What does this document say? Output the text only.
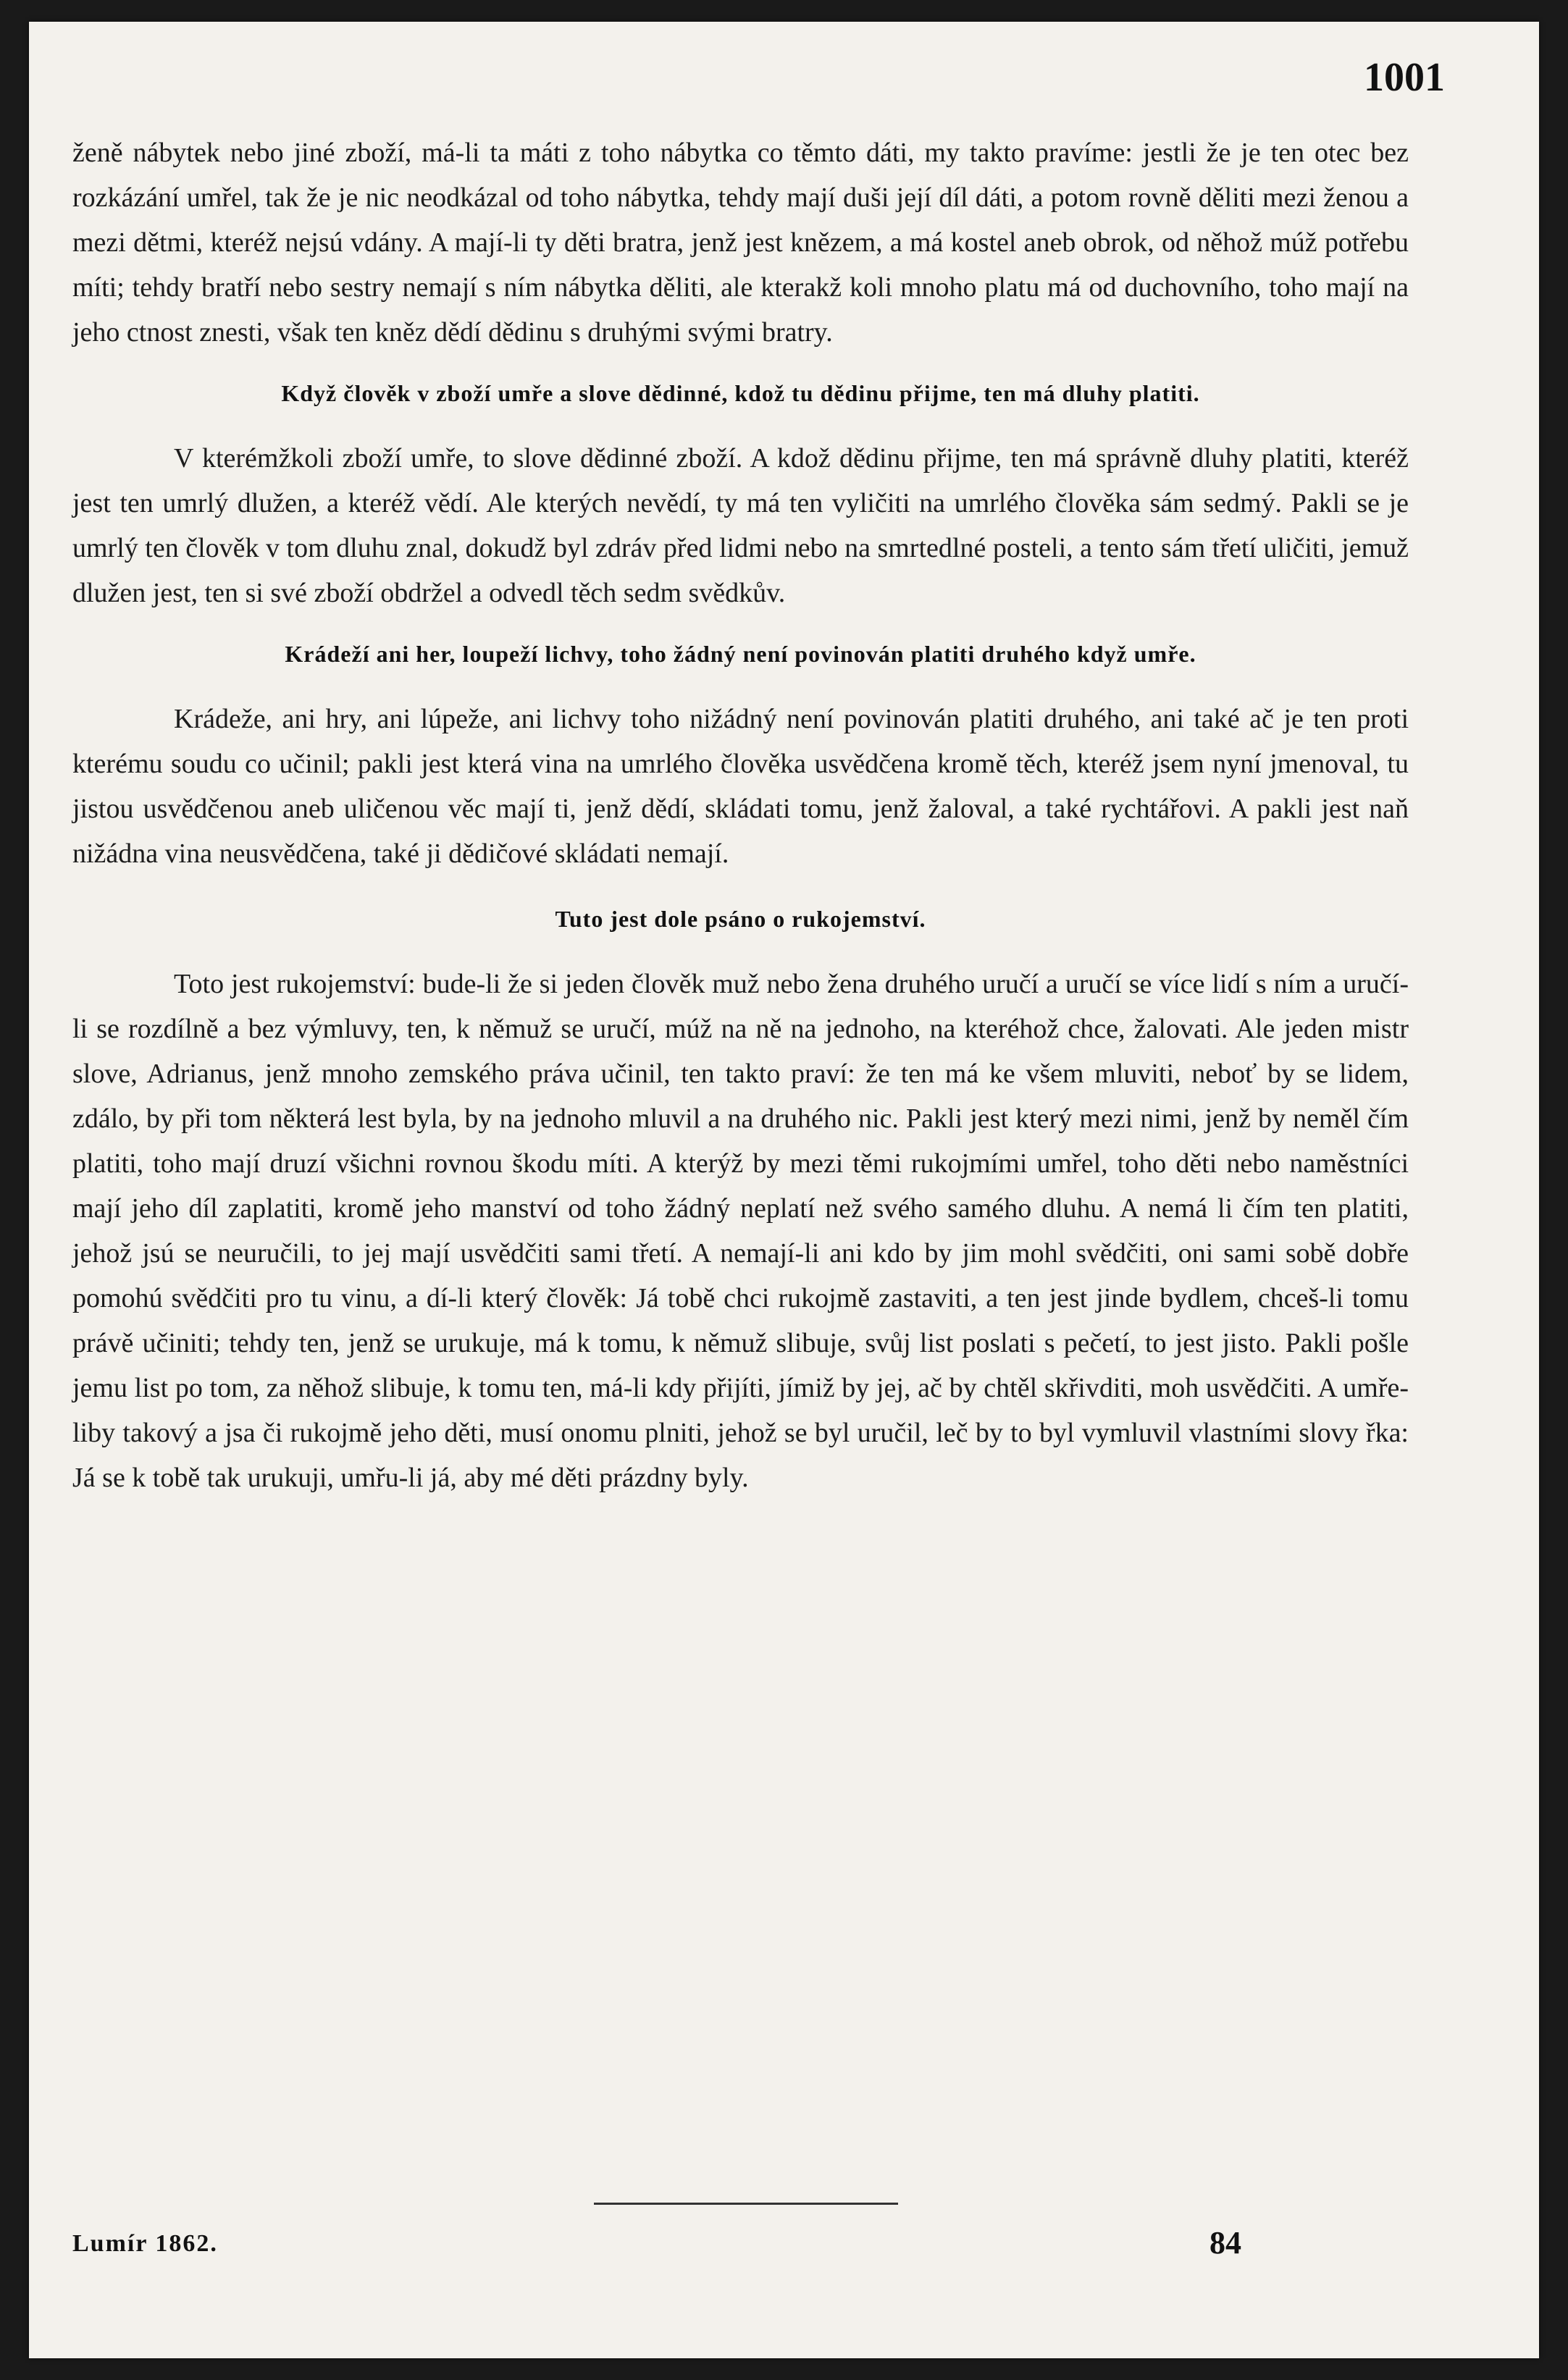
1001

ženě nábytek nebo jiné zboží, má-li ta máti z toho nábytka co těmto dáti, my takto pravíme: jestli že je ten otec bez rozkázání umřel, tak že je nic neodkázal od toho nábytka, tehdy mají duši její díl dáti, a potom rovně děliti mezi ženou a mezi dětmi, kteréž nejsú vdány. A mají-li ty děti bratra, jenž jest knězem, a má kostel aneb obrok, od něhož múž potřebu míti; tehdy bratří nebo sestry nemají s ním nábytka děliti, ale kterakž koli mnoho platu má od duchovního, toho mají na jeho ctnost znesti, však ten kněz dědí dědinu s druhými svými bratry.

Když člověk v zboží umře a slove dědinné, kdož tu dědinu přijme, ten má dluhy platiti.

V kterémžkoli zboží umře, to slove dědinné zboží. A kdož dědinu přijme, ten má správně dluhy platiti, kteréž jest ten umrlý dlužen, a kteréž vědí. Ale kterých nevědí, ty má ten vyličiti na umrlého člověka sám sedmý. Pakli se je umrlý ten člověk v tom dluhu znal, dokudž byl zdráv před lidmi nebo na smrtedlné posteli, a tento sám třetí uličiti, jemuž dlužen jest, ten si své zboží obdržel a odvedl těch sedm svědkův.

Krádeží ani her, loupeží lichvy, toho žádný není povinován platiti druhého když umře.

Krádeže, ani hry, ani lúpeže, ani lichvy toho nižádný není povinován platiti druhého, ani také ač je ten proti kterému soudu co učinil; pakli jest která vina na umrlého člověka usvědčena kromě těch, kteréž jsem nyní jmenoval, tu jistou usvědčenou aneb uličenou věc mají ti, jenž dědí, skládati tomu, jenž žaloval, a také rychtářovi. A pakli jest naň nižádna vina neusvědčena, také ji dědičové skládati nemají.

Tuto jest dole psáno o rukojemství.

Toto jest rukojemství: bude-li že si jeden člověk muž nebo žena druhého uručí a uručí se více lidí s ním a uručí-li se rozdílně a bez výmluvy, ten, k němuž se uručí, múž na ně na jednoho, na kteréhož chce, žalovati. Ale jeden mistr slove, Adrianus, jenž mnoho zemského práva učinil, ten takto praví: že ten má ke všem mluviti, neboť by se lidem, zdálo, by při tom některá lest byla, by na jednoho mluvil a na druhého nic. Pakli jest který mezi nimi, jenž by neměl čím platiti, toho mají druzí všichni rovnou škodu míti. A kterýž by mezi těmi rukojmími umřel, toho děti nebo naměstníci mají jeho díl zaplatiti, kromě jeho manství od toho žádný neplatí než svého samého dluhu. A nemá li čím ten platiti, jehož jsú se neuručili, to jej mají usvědčiti sami třetí. A nemají-li ani kdo by jim mohl svědčiti, oni sami sobě dobře pomohú svědčiti pro tu vinu, a dí-li který člověk: Já tobě chci rukojmě zastaviti, a ten jest jinde bydlem, chceš-li tomu právě učiniti; tehdy ten, jenž se urukuje, má k tomu, k němuž slibuje, svůj list poslati s pečetí, to jest jisto. Pakli pošle jemu list po tom, za něhož slibuje, k tomu ten, má-li kdy přijíti, jímiž by jej, ač by chtěl skřivditi, moh usvědčiti. A umře-liby takový a jsa či rukojmě jeho děti, musí onomu plniti, jehož se byl uručil, leč by to byl vymluvil vlastními slovy řka: Já se k tobě tak urukuji, umřu-li já, aby mé děti prázdny byly.

Lumír 1862.	84
